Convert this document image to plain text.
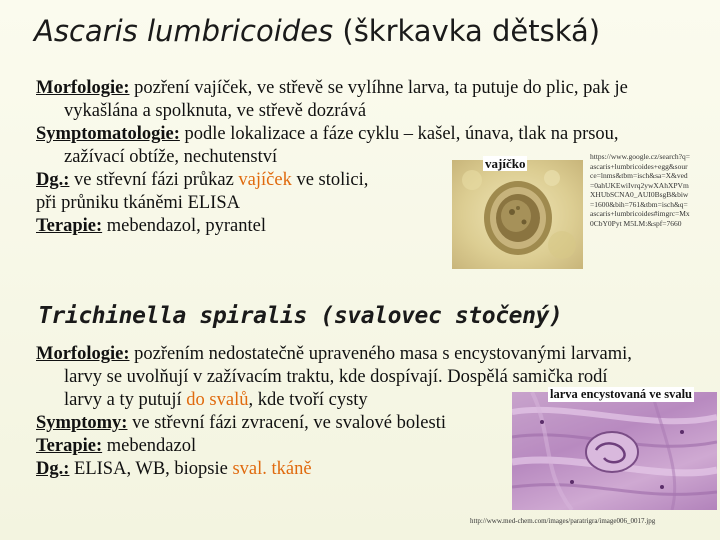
Ascaris lumbricoides (škrkavka dětská)

Morfologie: pozření vajíček, ve střevě se vylíhne larva, ta putuje do plic, pak je

vykašlána a spolknuta, ve střevě dozrává

Symptomatologie: podle lokalizace a fáze cyklu – kašel, únava, tlak na prsou,

zažívací obtíže, nechutenství

Dg.: ve střevní fázi průkaz vajíček ve stolici,

při průniku tkáněmi ELISA

Terapie: mebendazol, pyrantel

vajíčko	https://www.google.cz/search?q=ascaris+lumbricoides+egg&source=lnms&tbm=isch&sa=X&ved=0ahUKEwiIvrq2ywXAhXPVmXHUbSCNA0_AUI0BsgB&biw=1600&bih=761&tbm=isch&q=ascaris+lumbricoides#imgrc=Mx0CbY0Pyt M5LM:&spf=7660
Trichinella spiralis (svalovec stočený)

Morfologie: pozřením nedostatečně upraveného masa s encystovanými larvami,

larvy se uvolňují v zažívacím traktu, kde dospívají. Dospělá samička rodí

larvy a ty putují do svalů, kde tvoří cysty

Symptomy: ve střevní fázi zvracení, ve svalové bolesti

Terapie: mebendazol

Dg.: ELISA, WB, biopsie sval. tkáně

larva encystovaná ve svalu
http://www.med-chem.com/images/paratrigra/image006_0017.jpg
